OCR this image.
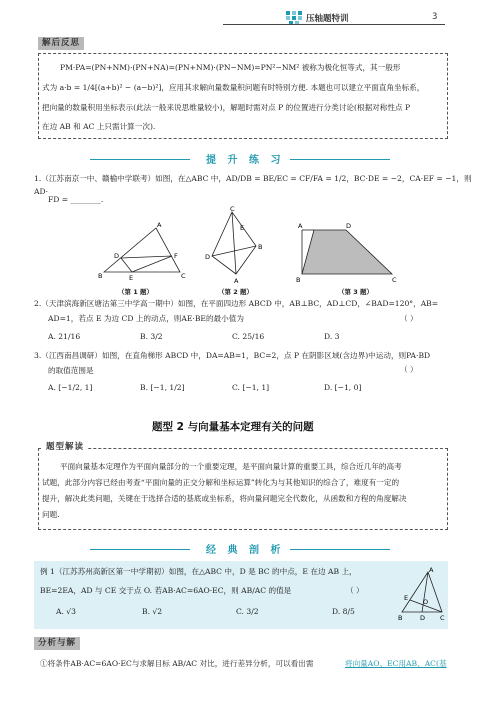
压轴题特训	3
解后反思
PM·PA=(PN+NM)·(PN+NA)=(PN+NM)·(PN−NM)=PN²−NM² 被称为极化恒等式，其一般形
式为 a·b = 1/4[(a+b)² − (a−b)²]，应用其求解向量数量积问题有时特别方便. 本题也可以建立平面直角坐标系，
把向量的数量积用坐标表示(此法一般来说思维量较小)，解题时需对点 P 的位置进行分类讨论(根据对称性点 P
在边 AB 和 AC 上只需计算一次).
提 升 练 习
1.（江苏南京一中、赣榆中学联考）如图，在△ABC 中，AD/DB = BE/EC = CF/FA = 1/2，BC·DE = −2，CA·EF = −1，则AD·
FD = ________.
A
B	C
D
E
F
（第 1 题）
C
D
A
B
E
（第 2 题）
A	D
B	C
（第 3 题）
2.（天津滨海新区塘沽第三中学高一期中）如图，在平面四边形 ABCD 中，AB⊥BC，AD⊥CD，∠BAD=120°，AB=
AD=1，若点 E 为边 CD 上的动点，则AE·BE的最小值为	（ ）
A. 21/16	B. 3/2	C. 25/16	D. 3
3.（江西南昌调研）如图，在直角梯形 ABCD 中，DA=AB=1，BC=2，点 P 在阴影区域(含边界)中运动，则PA·BD
的取值范围是	（ ）
A. [−1/2, 1]	B. [−1, 1/2]	C. [−1, 1]	D. [−1, 0]
题型 2 与向量基本定理有关的问题
题型解读
平面向量基本定理作为平面向量部分的一个重要定理，是平面向量计算的重要工具，综合近几年的高考
试题，此部分内容已经由考查“平面向量的正交分解和坐标运算”转化为与其他知识的综合了，难度有一定的
提升，解决此类问题，关键在于选择合适的基底或坐标系，将向量问题完全代数化，从函数和方程的角度解决
问题.
经 典 剖 析
例 1（江苏苏州高新区第一中学期初）如图，在△ABC 中，D 是 BC 的中点，E 在边 AB 上，
BE=2EA，AD 与 CE 交于点 O. 若AB·AC=6AO·EC，则 AB/AC 的值是	（ ）
A. √3	B. √2	C. 3/2	D. 8/5
A
B	D C
E O
分析与解
①将条件AB·AC=6AO·EC与求解目标 AB/AC 对比，进行差异分析，可以看出需	将向量AO、EC用AB、AC(基
